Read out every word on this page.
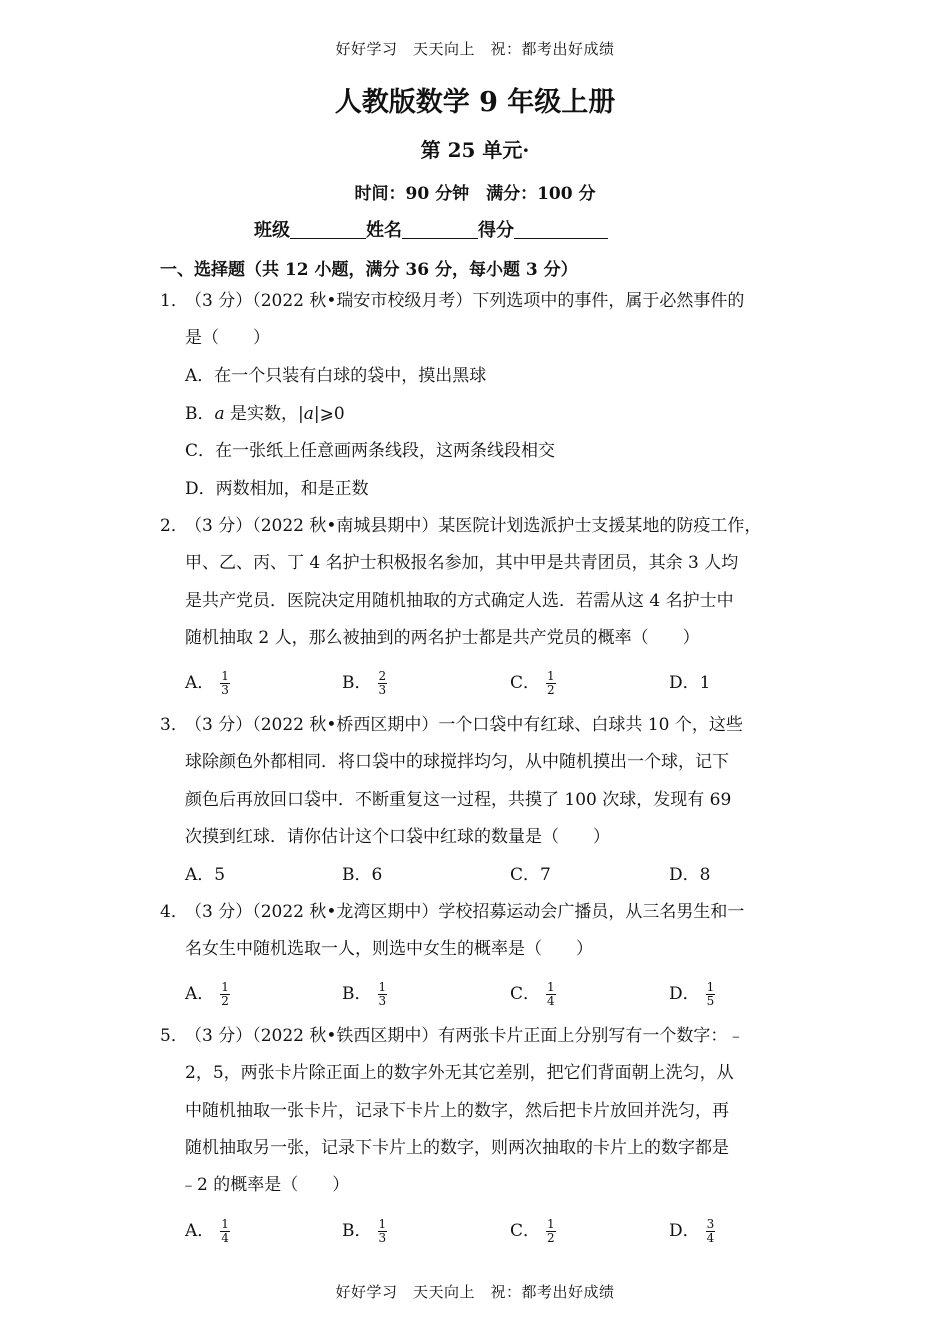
好好学习　天天向上　祝：都考出好成绩
人教版数学 9 年级上册
第 25 单元·
时间：90 分钟　满分：100 分
班级	姓名	得分
一、选择题（共 12 小题，满分 36 分，每小题 3 分）
1．
（3 分）（2022 秋•瑞安市校级月考）下列选项中的事件，属于必然事件的
是（　　）
A．在一个只装有白球的袋中，摸出黑球
B．a 是实数，|a|⩾0
C．在一张纸上任意画两条线段，这两条线段相交
D．两数相加，和是正数
2．
（3 分）（2022 秋•南城县期中）某医院计划选派护士支援某地的防疫工作，
甲、乙、丙、丁 4 名护士积极报名参加，其中甲是共青团员，其余 3 人均
是共产党员．医院决定用随机抽取的方式确定人选．若需从这 4 名护士中
随机抽取 2 人，那么被抽到的两名护士都是共产党员的概率（　　）
A． $\frac{1}{3}$	B． $\frac{2}{3}$	C． $\frac{1}{2}$	D．1
3．
（3 分）（2022 秋•桥西区期中）一个口袋中有红球、白球共 10 个，这些
球除颜色外都相同．将口袋中的球搅拌均匀，从中随机摸出一个球，记下
颜色后再放回口袋中．不断重复这一过程，共摸了 100 次球，发现有 69
次摸到红球．请你估计这个口袋中红球的数量是（　　）
A．5	B．6	C．7	D．8
4．
（3 分）（2022 秋•龙湾区期中）学校招募运动会广播员，从三名男生和一
名女生中随机选取一人，则选中女生的概率是（　　）
A． $\frac{1}{2}$	B． $\frac{1}{3}$	C． $\frac{1}{4}$	D． $\frac{1}{5}$
5．
（3 分）（2022 秋•铁西区期中）有两张卡片正面上分别写有一个数字：﹣
2，5，两张卡片除正面上的数字外无其它差别，把它们背面朝上洗匀，从
中随机抽取一张卡片，记录下卡片上的数字，然后把卡片放回并洗匀，再
随机抽取另一张，记录下卡片上的数字，则两次抽取的卡片上的数字都是
﹣2 的概率是（　　）
A． $\frac{1}{4}$	B． $\frac{1}{3}$	C． $\frac{1}{2}$	D． $\frac{3}{4}$
好好学习　天天向上　祝：都考出好成绩
